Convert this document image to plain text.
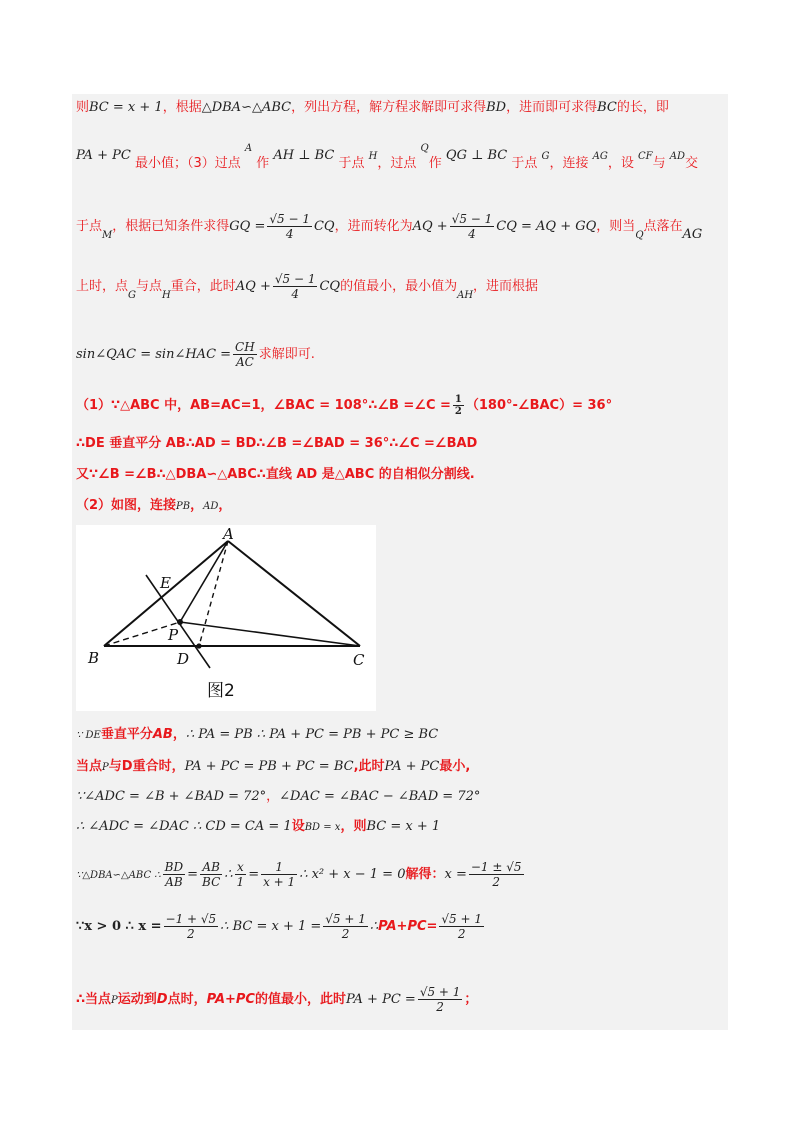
则BC = x + 1，根据△DBA∽△ABC，列出方程，解方程求解即可求得BD，进而即可求得BC的长，即
PA + PC 最小值；（3）过点 $^A$ 作 AH ⊥ BC 于点 H，过点 $^Q$作 QG ⊥ BC 于点 G，连接 AG，设 CF与 AD交
于点$_M$，根据已知条件求得GQ = $\frac{√5 - 1}{4}$ CQ，进而转化为AQ + $\frac{√5 - 1}{4}$ CQ = AQ + GQ，则当$_Q$点落在AG
上时，点$_G$与点$_H$重合，此时AQ + $\frac{√5 - 1}{4}$ CQ的值最小，最小值为$_{AH}$，进而根据
sin∠QAC = sin∠HAC = $\frac{CH}{AC}$ 求解即可.
（1）∵△ABC 中，AB=AC=1，∠BAC = 108°∴∠B =∠C = $\frac{1}{2}$ （180°-∠BAC）= 36°
∴DE 垂直平分 AB∴AD = BD∴∠B =∠BAD = 36°∴∠C =∠BAD
又∵∠B =∠B∴△DBA∽△ABC∴直线 AD 是△ABC 的自相似分割线.
（2）如图，连接PB，AD，
A
E
P
B	D	C
图2
∵ DE垂直平分AB，∴ PA = PB ∴ PA + PC = PB + PC ≥ BC
当点P与D重合时，PA + PC = PB + PC = BC,此时PA + PC最小,
∵∠ADC = ∠B + ∠BAD = 72°，∠DAC = ∠BAC − ∠BAD = 72°
∴ ∠ADC = ∠DAC ∴ CD = CA = 1设BD = x，则BC = x + 1
∵△DBA∽△ABC ∴ $\frac{BD}{AB} = \frac{AB}{BC}$ ∴ $\frac{x}{1} = \frac{1}{x + 1}$ ∴ x² + x − 1 = 0解得：$x = \frac{-1 \pm √5}{2}$
∵x > 0 ∴ $x = \frac{-1 + √5}{2}$ ∴ BC = $x + 1 = \frac{√5 + 1}{2}$ ∴PA+PC= $\frac{√5 + 1}{2}$
∴当点P运动到D点时，PA+PC的值最小，此时PA + PC = $\frac{√5 + 1}{2}$ ；
